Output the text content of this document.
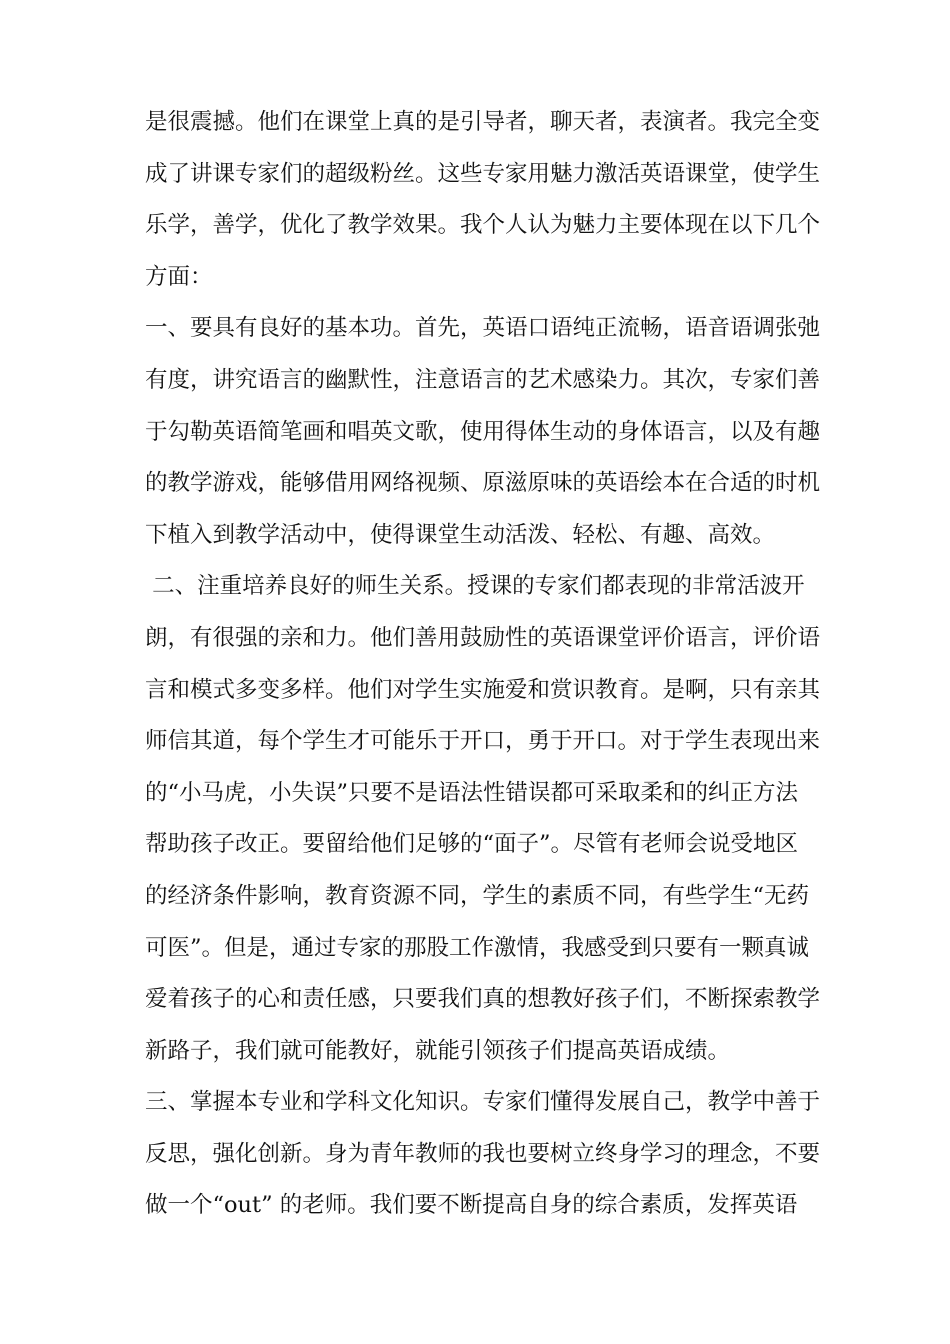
是很震撼。他们在课堂上真的是引导者，聊天者，表演者。我完全变
成了讲课专家们的超级粉丝。这些专家用魅力激活英语课堂，使学生
乐学，善学，优化了教学效果。我个人认为魅力主要体现在以下几个
方面：
一、要具有良好的基本功。首先，英语口语纯正流畅，语音语调张弛
有度，讲究语言的幽默性，注意语言的艺术感染力。其次，专家们善
于勾勒英语简笔画和唱英文歌，使用得体生动的身体语言，以及有趣
的教学游戏，能够借用网络视频、原滋原味的英语绘本在合适的时机
下植入到教学活动中，使得课堂生动活泼、轻松、有趣、高效。
二、注重培养良好的师生关系。授课的专家们都表现的非常活波开
朗，有很强的亲和力。他们善用鼓励性的英语课堂评价语言，评价语
言和模式多变多样。他们对学生实施爱和赏识教育。是啊，只有亲其
师信其道，每个学生才可能乐于开口，勇于开口。对于学生表现出来
的“小马虎，小失误”只要不是语法性错误都可采取柔和的纠正方法
帮助孩子改正。要留给他们足够的“面子”。尽管有老师会说受地区
的经济条件影响，教育资源不同，学生的素质不同，有些学生“无药
可医”。但是，通过专家的那股工作激情，我感受到只要有一颗真诚
爱着孩子的心和责任感，只要我们真的想教好孩子们，不断探索教学
新路子，我们就可能教好，就能引领孩子们提高英语成绩。
三、掌握本专业和学科文化知识。专家们懂得发展自己，教学中善于
反思，强化创新。身为青年教师的我也要树立终身学习的理念，不要
做一个“out” 的老师。我们要不断提高自身的综合素质，发挥英语
